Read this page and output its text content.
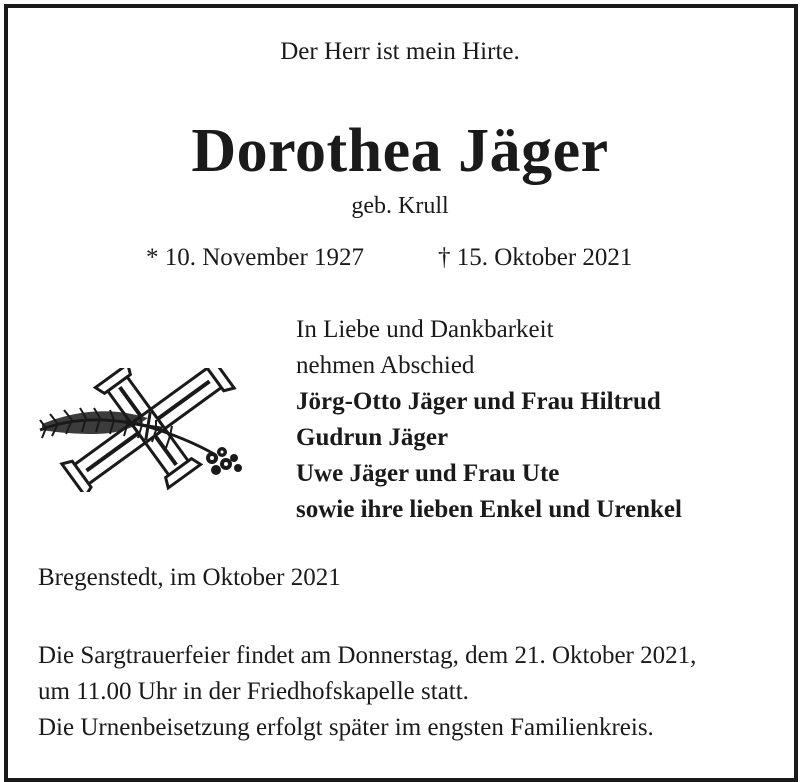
Der Herr ist mein Hirte.
Dorothea Jäger
geb. Krull
* 10. November 1927	† 15. Oktober 2021
In Liebe und Dankbarkeit
nehmen Abschied
Jörg-Otto Jäger und Frau Hiltrud
Gudrun Jäger
Uwe Jäger und Frau Ute
sowie ihre lieben Enkel und Urenkel
Bregenstedt, im Oktober 2021
Die Sargtrauerfeier findet am Donnerstag, dem 21. Oktober 2021,
um 11.00 Uhr in der Friedhofskapelle statt.
Die Urnenbeisetzung erfolgt später im engsten Familienkreis.
